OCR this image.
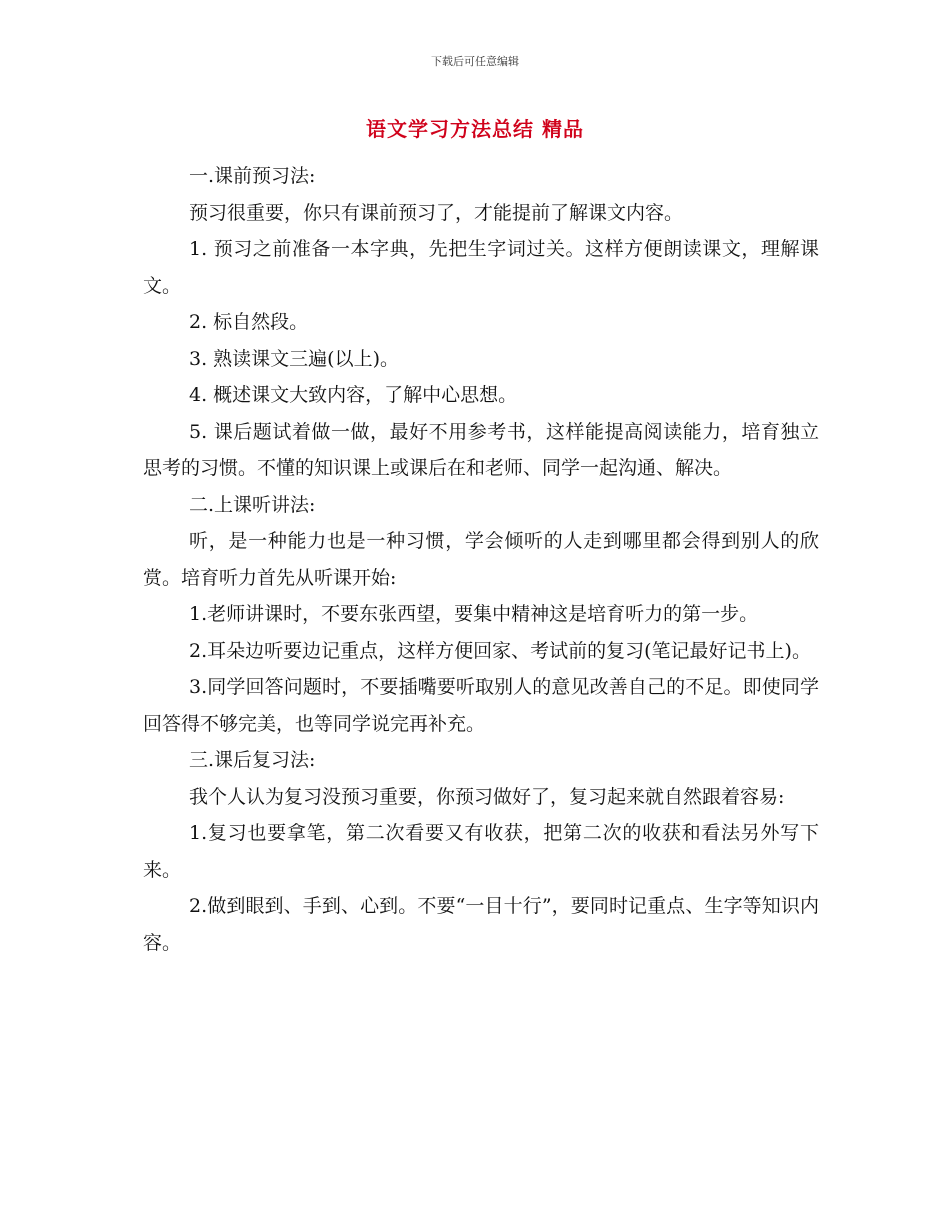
下载后可任意编辑
语文学习方法总结 精品

一.课前预习法:

预习很重要，你只有课前预习了，才能提前了解课文内容。

1. 预习之前准备一本字典，先把生字词过关。这样方便朗读课文，理解课文。

2. 标自然段。

3. 熟读课文三遍(以上)。

4. 概述课文大致内容，了解中心思想。

5. 课后题试着做一做，最好不用参考书，这样能提高阅读能力，培育独立思考的习惯。不懂的知识课上或课后在和老师、同学一起沟通、解决。

二.上课听讲法:

听，是一种能力也是一种习惯，学会倾听的人走到哪里都会得到别人的欣赏。培育听力首先从听课开始:

1.老师讲课时，不要东张西望，要集中精神这是培育听力的第一步。

2.耳朵边听要边记重点，这样方便回家、考试前的复习(笔记最好记书上)。

3.同学回答问题时，不要插嘴要听取别人的意见改善自己的不足。即使同学回答得不够完美，也等同学说完再补充。

三.课后复习法:

我个人认为复习没预习重要，你预习做好了，复习起来就自然跟着容易:

1.复习也要拿笔，第二次看要又有收获，把第二次的收获和看法另外写下来。

2.做到眼到、手到、心到。不要“一目十行”，要同时记重点、生字等知识内容。
